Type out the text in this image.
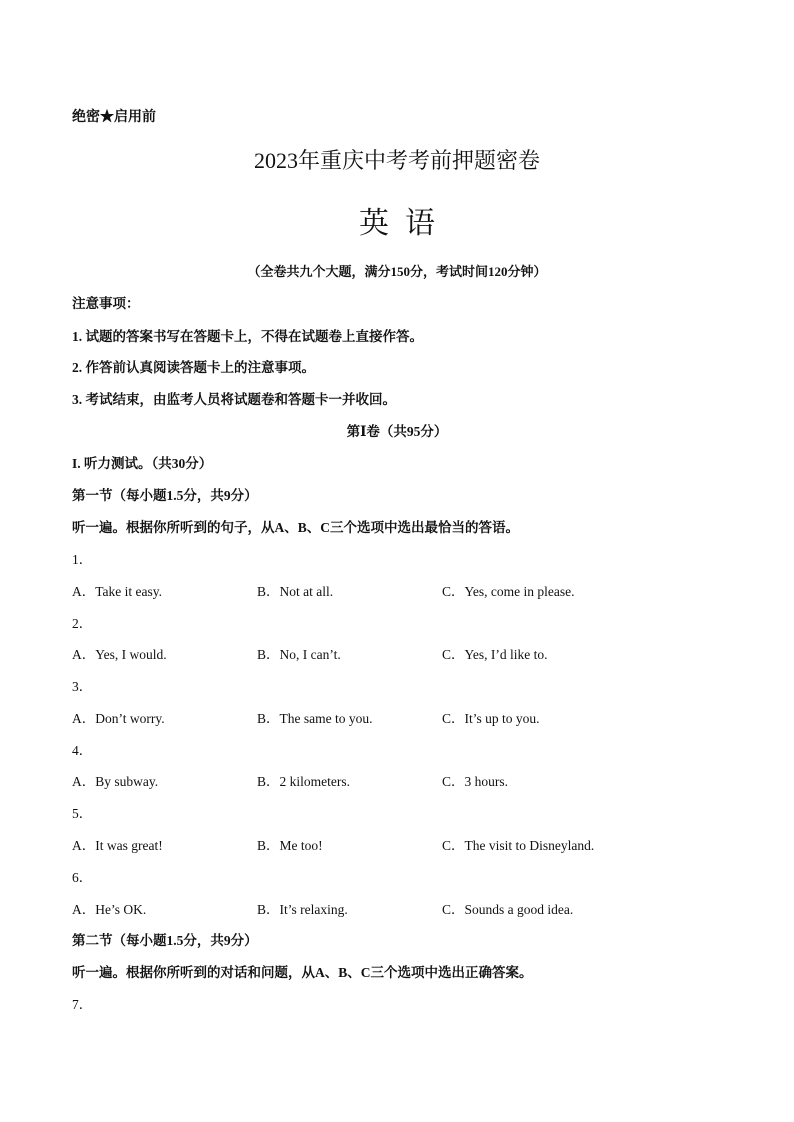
绝密★启用前
2023年重庆中考考前押题密卷
英语
（全卷共九个大题，满分150分，考试时间120分钟）
注意事项：
1. 试题的答案书写在答题卡上，不得在试题卷上直接作答。
2. 作答前认真阅读答题卡上的注意事项。
3. 考试结束，由监考人员将试题卷和答题卡一并收回。
第Ⅰ卷（共95分）
I. 听力测试。（共30分）
第一节（每小题1.5分，共9分）
听一遍。根据你所听到的句子，从A、B、C三个选项中选出最恰当的答语。
1．
A．Take it easy.	B．Not at all.	C．Yes, come in please.
2．
A．Yes, I would.	B．No, I can’t.	C．Yes, I’d like to.
3．
A．Don’t worry.	B．The same to you.	C．It’s up to you.
4．
A．By subway.	B．2 kilometers.	C．3 hours.
5．
A．It was great!	B．Me too!	C．The visit to Disneyland.
6．
A．He’s OK.	B．It’s relaxing.	C．Sounds a good idea.
第二节（每小题1.5分，共9分）
听一遍。根据你所听到的对话和问题，从A、B、C三个选项中选出正确答案。
7．
